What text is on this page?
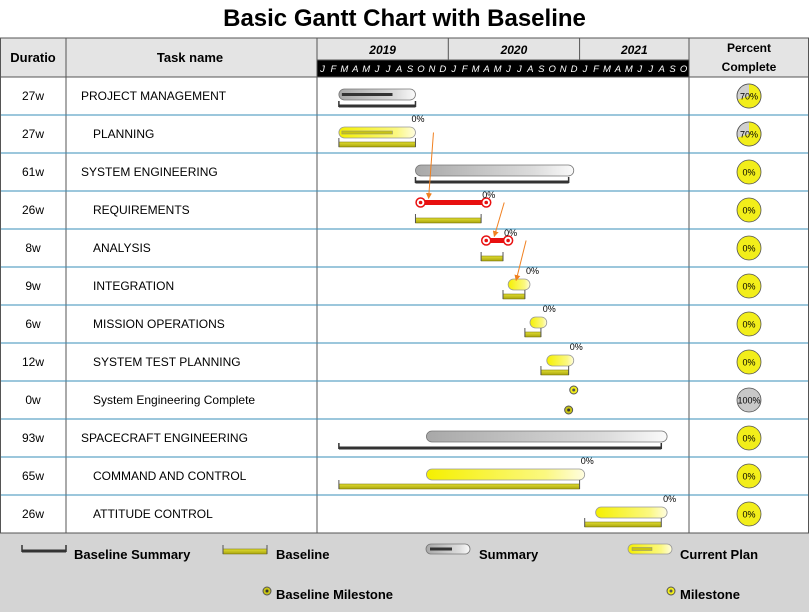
Basic Gantt Chart with Baseline
Duratio	Task name
Percent
Complete
2019	2020	2021
J F M A M J J A S O N D J F M A M J J A S O N D J F M A M J J A S O
27w	PROJECT MANAGEMENT	70%
27w	PLANNING	70%
0%
61w	SYSTEM ENGINEERING	0%
26w	REQUIREMENTS	0%
0%
8w	ANALYSIS	0%
0%
9w	INTEGRATION	0%
0%
6w	MISSION OPERATIONS	0%
0%
12w	SYSTEM TEST PLANNING	0%
0%
0w	System Engineering Complete	100%
93w	SPACECRAFT ENGINEERING	0%
65w	COMMAND AND CONTROL	0%
0%
26w	ATTITUDE CONTROL	0%
0%
Baseline Summary	Baseline	Summary	Current Plan
Baseline Milestone	Milestone
